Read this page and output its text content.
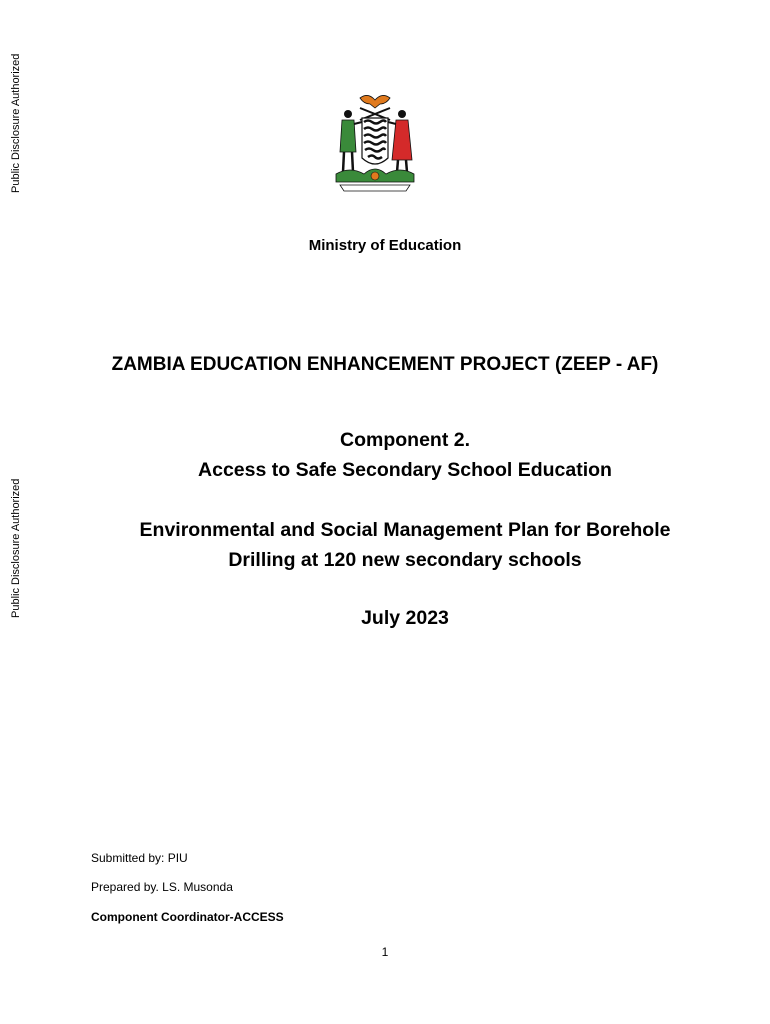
Public Disclosure Authorized
Public Disclosure Authorized
Ministry of Education
ZAMBIA EDUCATION ENHANCEMENT PROJECT (ZEEP - AF)
Component 2.
Access to Safe Secondary School Education
Environmental and Social Management Plan for Borehole
Drilling at 120 new secondary schools
July 2023
Submitted by: PIU
Prepared by. LS. Musonda
Component Coordinator-ACCESS
1
